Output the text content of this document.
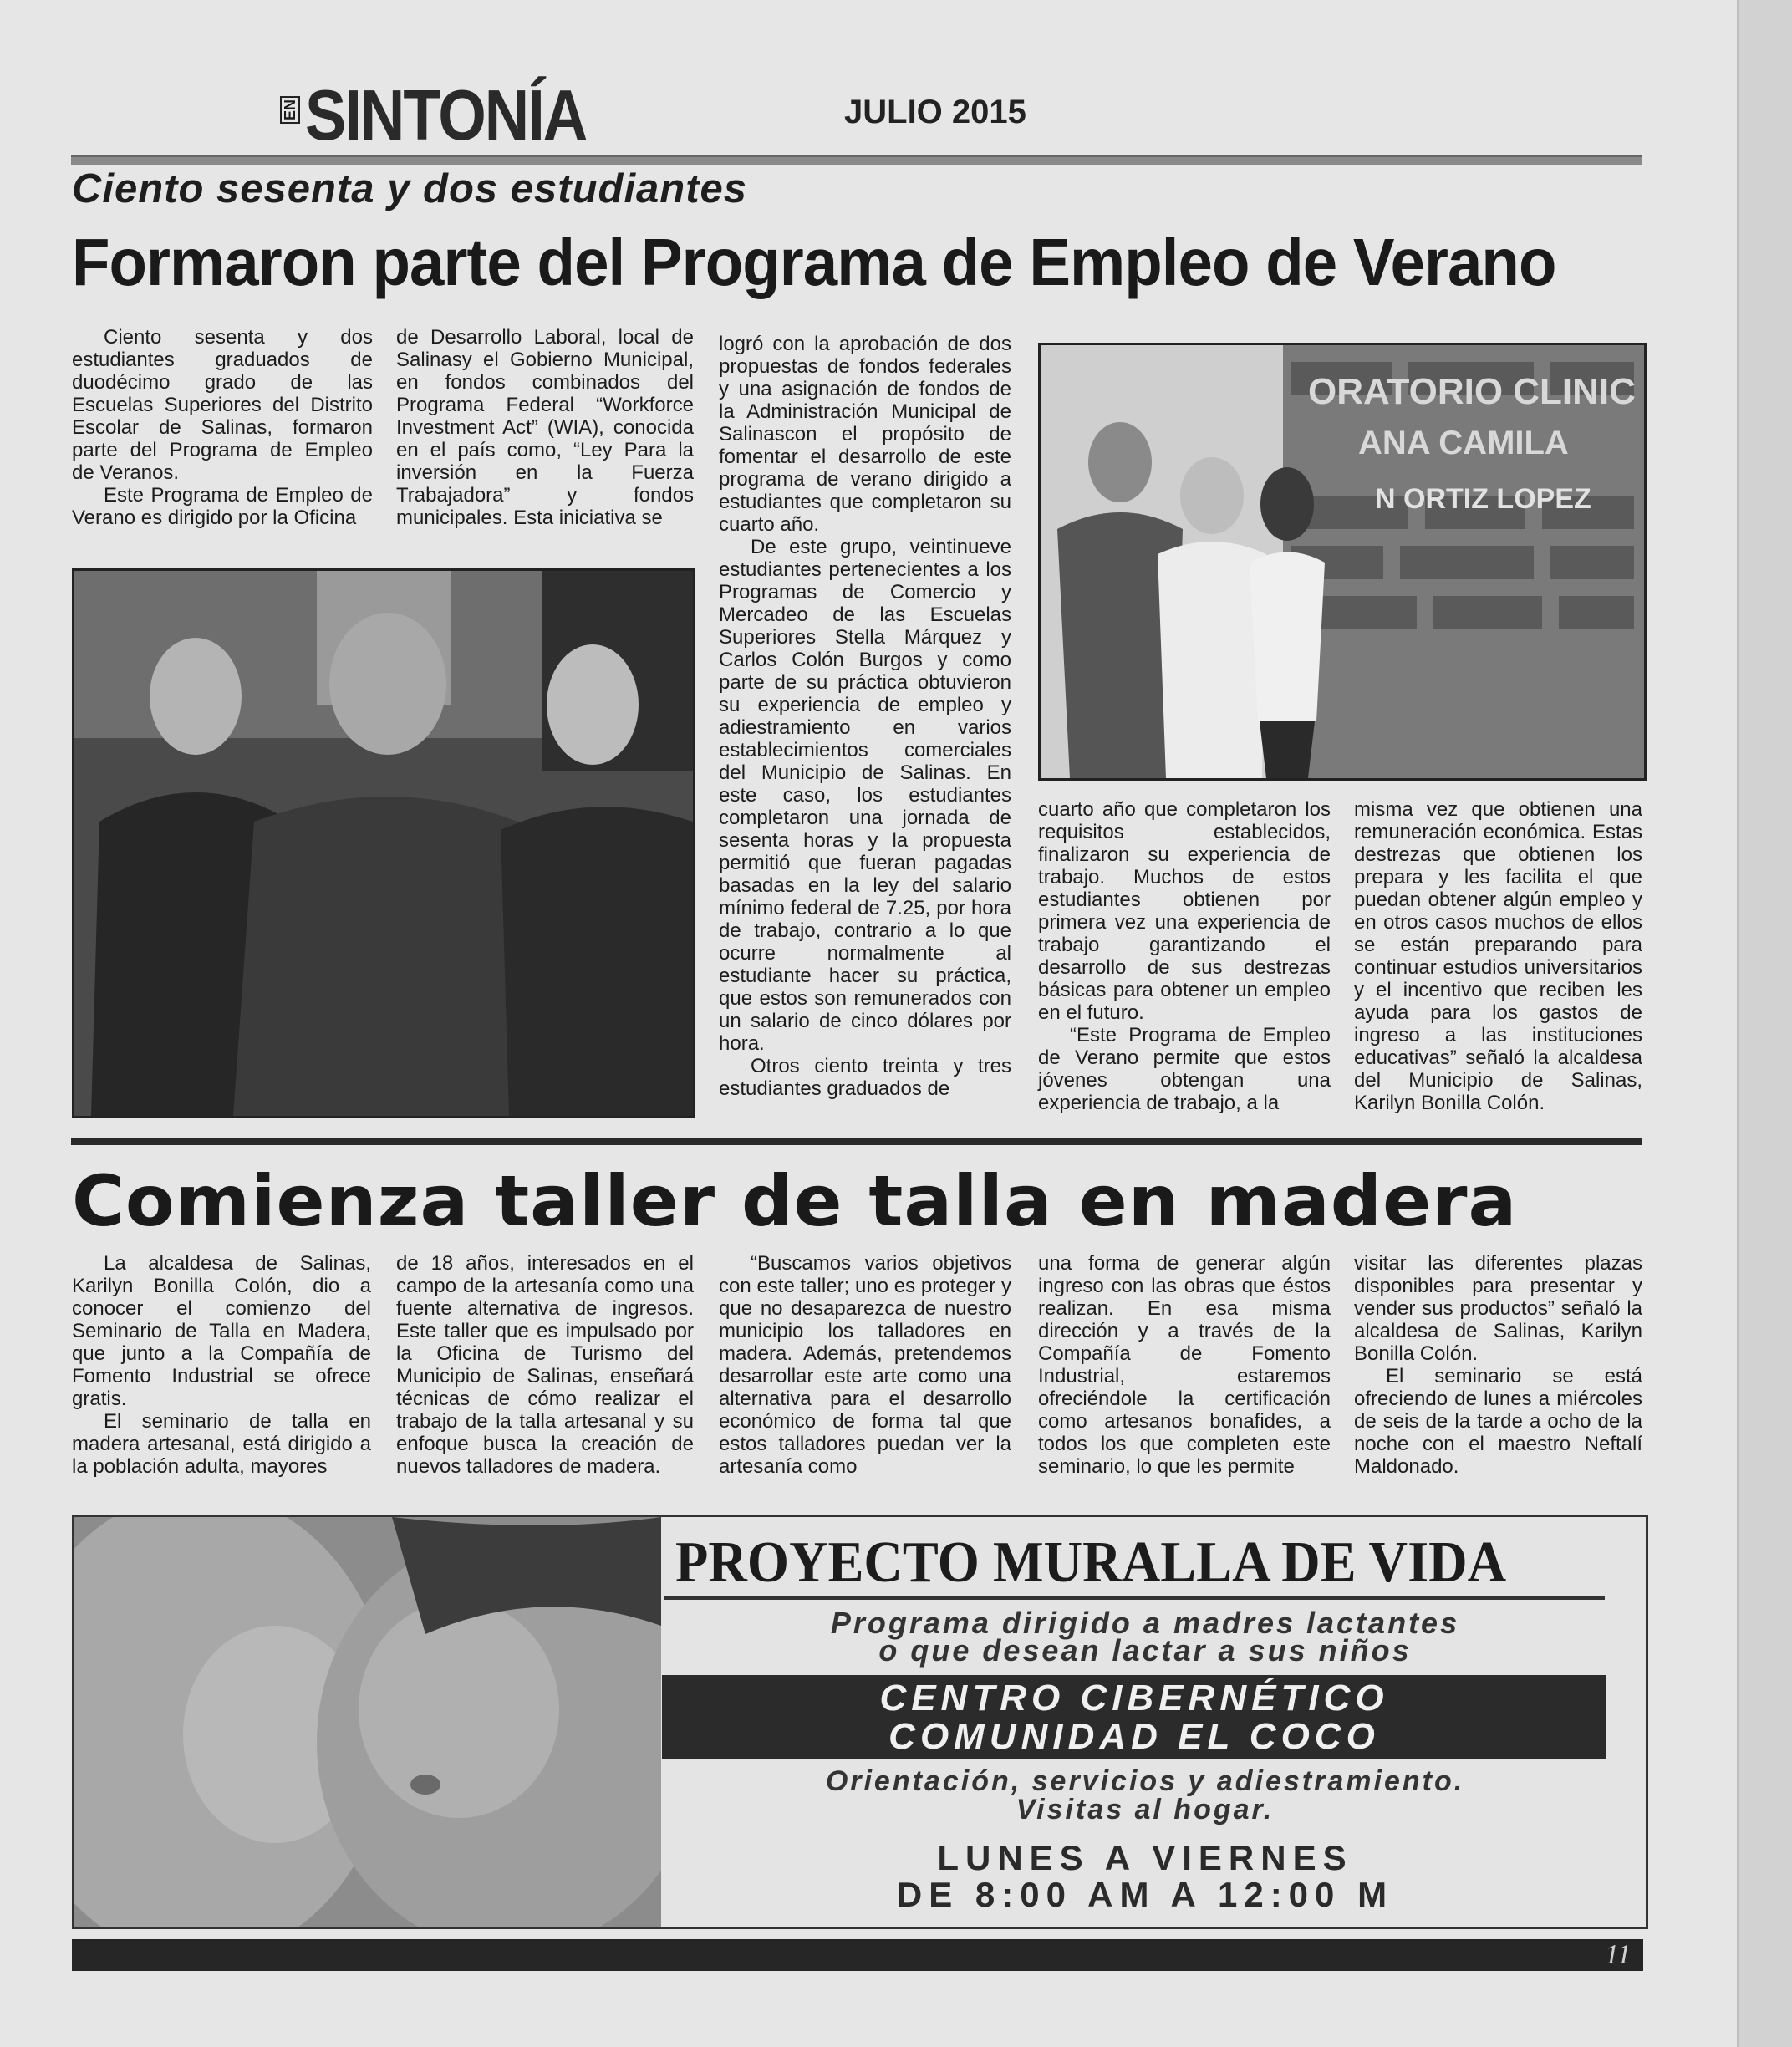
EN SINTONÍA	JULIO 2015
Ciento sesenta y dos estudiantes
Formaron parte del Programa de Empleo de Verano

Ciento sesenta y dos estudiantes graduados de duodécimo grado de las Escuelas Superiores del Distrito Escolar de Salinas, formaron parte del Programa de Empleo de Veranos.

Este Programa de Empleo de Verano es dirigido por la Oficina

de Desarrollo Laboral, local de Salinasy el Gobierno Municipal, en fondos combinados del Programa Federal “Workforce Investment Act” (WIA), conocida en el país como, “Ley Para la inversión en la Fuerza Trabajadora” y fondos municipales. Esta iniciativa se

logró con la aprobación de dos propuestas de fondos federales y una asignación de fondos de la Administración Municipal de Salinascon el propósito de fomentar el desarrollo de este programa de verano dirigido a estudiantes que completaron su cuarto año.

De este grupo, veintinueve estudiantes pertenecientes a los Programas de Comercio y Mercadeo de las Escuelas Superiores Stella Márquez y Carlos Colón Burgos y como parte de su práctica obtuvieron su experiencia de empleo y adiestramiento en varios establecimientos comerciales del Municipio de Salinas. En este caso, los estudiantes completaron una jornada de sesenta horas y la propuesta permitió que fueran pagadas basadas en la ley del salario mínimo federal de 7.25, por hora de trabajo, contrario a lo que ocurre normalmente al estudiante hacer su práctica, que estos son remunerados con un salario de cinco dólares por hora.

Otros ciento treinta y tres estudiantes graduados de

ORATORIO CLINIC
ANA CAMILA
N ORTIZ LOPEZ

cuarto año que completaron los requisitos establecidos, finalizaron su experiencia de trabajo. Muchos de estos estudiantes obtienen por primera vez una experiencia de trabajo garantizando el desarrollo de sus destrezas básicas para obtener un empleo en el futuro.

“Este Programa de Empleo de Verano permite que estos jóvenes obtengan una experiencia de trabajo, a la

misma vez que obtienen una remuneración económica. Estas destrezas que obtienen los prepara y les facilita el que puedan obtener algún empleo y en otros casos muchos de ellos se están preparando para continuar estudios universitarios y el incentivo que reciben les ayuda para los gastos de ingreso a las instituciones educativas” señaló la alcaldesa del Municipio de Salinas, Karilyn Bonilla Colón.

Comienza taller de talla en madera

La alcaldesa de Salinas, Karilyn Bonilla Colón, dio a conocer el comienzo del Seminario de Talla en Madera, que junto a la Compañía de Fomento Industrial se ofrece gratis.

El seminario de talla en madera artesanal, está dirigido a la población adulta, mayores

de 18 años, interesados en el campo de la artesanía como una fuente alternativa de ingresos. Este taller que es impulsado por la Oficina de Turismo del Municipio de Salinas, enseñará técnicas de cómo realizar el trabajo de la talla artesanal y su enfoque busca la creación de nuevos talladores de madera.

“Buscamos varios objetivos con este taller; uno es proteger y que no desaparezca de nuestro municipio los talladores en madera. Además, pretendemos desarrollar este arte como una alternativa para el desarrollo económico de forma tal que estos talladores puedan ver la artesanía como

una forma de generar algún ingreso con las obras que éstos realizan. En esa misma dirección y a través de la Compañía de Fomento Industrial, estaremos ofreciéndole la certificación como artesanos bonafides, a todos los que completen este seminario, lo que les permite

visitar las diferentes plazas disponibles para presentar y vender sus productos” señaló la alcaldesa de Salinas, Karilyn Bonilla Colón.

El seminario se está ofreciendo de lunes a miércoles de seis de la tarde a ocho de la noche con el maestro Neftalí Maldonado.

PROYECTO MURALLA DE VIDA
Programa dirigido a madres lactantes
o que desean lactar a sus niños
CENTRO CIBERNÉTICO
COMUNIDAD EL COCO
Orientación, servicios y adiestramiento.
Visitas al hogar.
LUNES A VIERNES
DE 8:00 AM A 12:00 M
11
